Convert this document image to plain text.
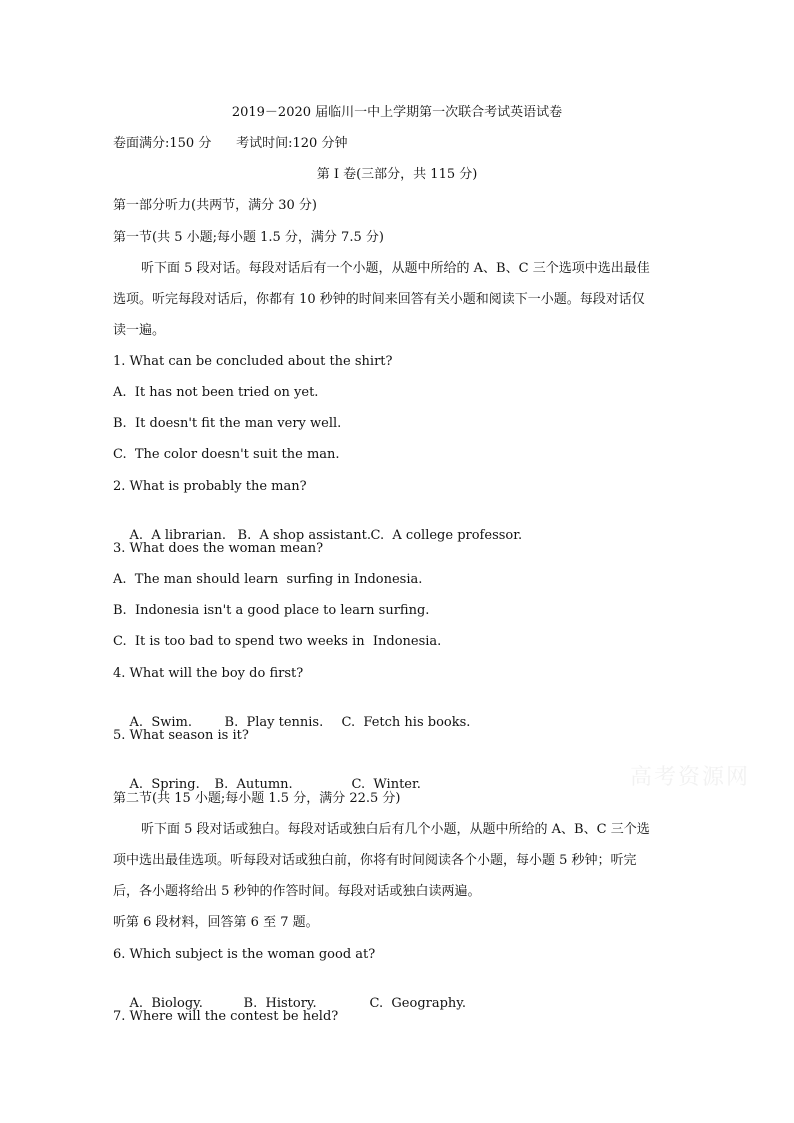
2019－2020 届临川一中上学期第一次联合考试英语试卷
卷面满分:150 分      考试时间:120 分钟
第 I 卷(三部分，共 115 分)
第一部分听力(共两节，满分 30 分)
第一节(共 5 小题;每小题 1.5 分，满分 7.5 分)
听下面 5 段对话。每段对话后有一个小题，从题中所给的 A、B、C 三个选项中选出最佳
选项。听完每段对话后，你都有 10 秒钟的时间来回答有关小题和阅读下一小题。每段对话仅
读一遍。
1. What can be concluded about the shirt?
A.  It has not been tried on yet.
B.  It doesn't fit the man very well.
C.  The color doesn't suit the man.
2. What is probably the man?

A.  A librarian. B.  A shop assistant.C.  A college professor.

3. What does the woman mean?
A.  The man should learn  surfing in Indonesia.
B.  Indonesia isn't a good place to learn surfing.
C.  It is too bad to spend two weeks in  Indonesia.
4. What will the boy do first?

A.  Swim.	B.  Play tennis. C.  Fetch his books.

5. What season is it?

A.  Spring. B.  Autumn.	C.  Winter.

第二节(共 15 小题;每小题 1.5 分，满分 22.5 分)
听下面 5 段对话或独白。每段对话或独白后有几个小题，从题中所给的 A、B、C 三个选
项中选出最佳选项。听每段对话或独白前，你将有时间阅读各个小题，每小题 5 秒钟；听完
后，各小题将给出 5 秒钟的作答时间。每段对话或独白读两遍。
听第 6 段材料，回答第 6 至 7 题。
6. Which subject is the woman good at?

A.  Biology.	B.  History.	C.  Geography.

7. Where will the contest be held?
高考资源网
